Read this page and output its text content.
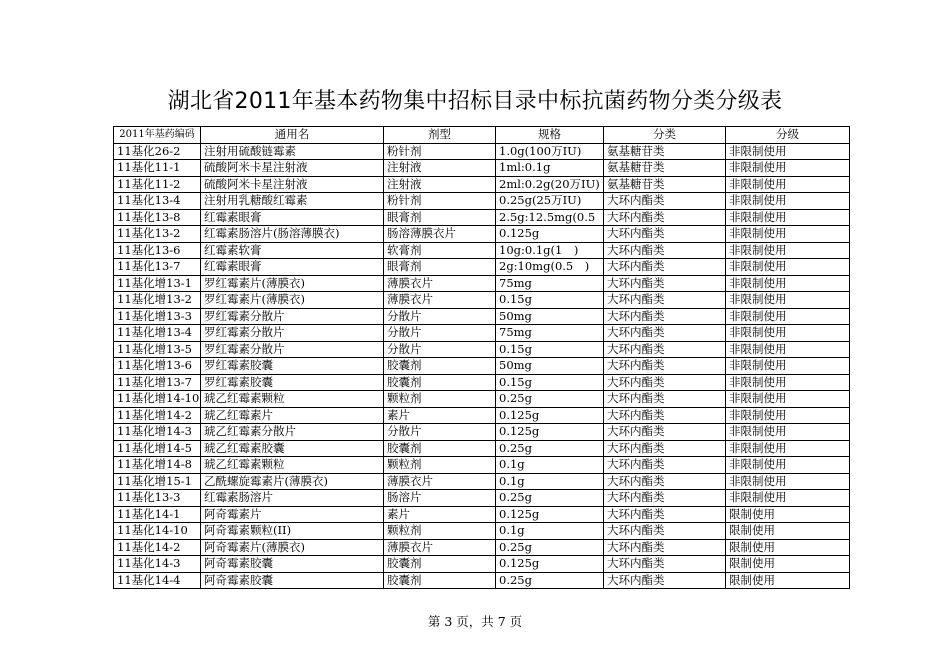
湖北省2011年基本药物集中招标目录中标抗菌药物分类分级表
2011年基药编码	通用名	剂型	规格	分类	分级
11基化26-2	注射用硫酸链霉素	粉针剂	1.0g(100万IU)	氨基糖苷类	非限制使用
11基化11-1	硫酸阿米卡星注射液	注射液	1ml:0.1g	氨基糖苷类	非限制使用
11基化11-2	硫酸阿米卡星注射液	注射液	2ml:0.2g(20万IU)	氨基糖苷类	非限制使用
11基化13-4	注射用乳糖酸红霉素	粉针剂	0.25g(25万IU)	大环内酯类	非限制使用
11基化13-8	红霉素眼膏	眼膏剂	2.5g:12.5mg(0.5	大环内酯类	非限制使用
11基化13-2	红霉素肠溶片(肠溶薄膜衣)	肠溶薄膜衣片	0.125g	大环内酯类	非限制使用
11基化13-6	红霉素软膏	软膏剂	10g:0.1g(1　)	大环内酯类	非限制使用
11基化13-7	红霉素眼膏	眼膏剂	2g:10mg(0.5　)	大环内酯类	非限制使用
11基化增13-1	罗红霉素片(薄膜衣)	薄膜衣片	75mg	大环内酯类	非限制使用
11基化增13-2	罗红霉素片(薄膜衣)	薄膜衣片	0.15g	大环内酯类	非限制使用
11基化增13-3	罗红霉素分散片	分散片	50mg	大环内酯类	非限制使用
11基化增13-4	罗红霉素分散片	分散片	75mg	大环内酯类	非限制使用
11基化增13-5	罗红霉素分散片	分散片	0.15g	大环内酯类	非限制使用
11基化增13-6	罗红霉素胶囊	胶囊剂	50mg	大环内酯类	非限制使用
11基化增13-7	罗红霉素胶囊	胶囊剂	0.15g	大环内酯类	非限制使用
11基化增14-10	琥乙红霉素颗粒	颗粒剂	0.25g	大环内酯类	非限制使用
11基化增14-2	琥乙红霉素片	素片	0.125g	大环内酯类	非限制使用
11基化增14-3	琥乙红霉素分散片	分散片	0.125g	大环内酯类	非限制使用
11基化增14-5	琥乙红霉素胶囊	胶囊剂	0.25g	大环内酯类	非限制使用
11基化增14-8	琥乙红霉素颗粒	颗粒剂	0.1g	大环内酯类	非限制使用
11基化增15-1	乙酰螺旋霉素片(薄膜衣)	薄膜衣片	0.1g	大环内酯类	非限制使用
11基化13-3	红霉素肠溶片	肠溶片	0.25g	大环内酯类	非限制使用
11基化14-1	阿奇霉素片	素片	0.125g	大环内酯类	限制使用
11基化14-10	阿奇霉素颗粒(II)	颗粒剂	0.1g	大环内酯类	限制使用
11基化14-2	阿奇霉素片(薄膜衣)	薄膜衣片	0.25g	大环内酯类	限制使用
11基化14-3	阿奇霉素胶囊	胶囊剂	0.125g	大环内酯类	限制使用
11基化14-4	阿奇霉素胶囊	胶囊剂	0.25g	大环内酯类	限制使用
第 3 页，共 7 页
